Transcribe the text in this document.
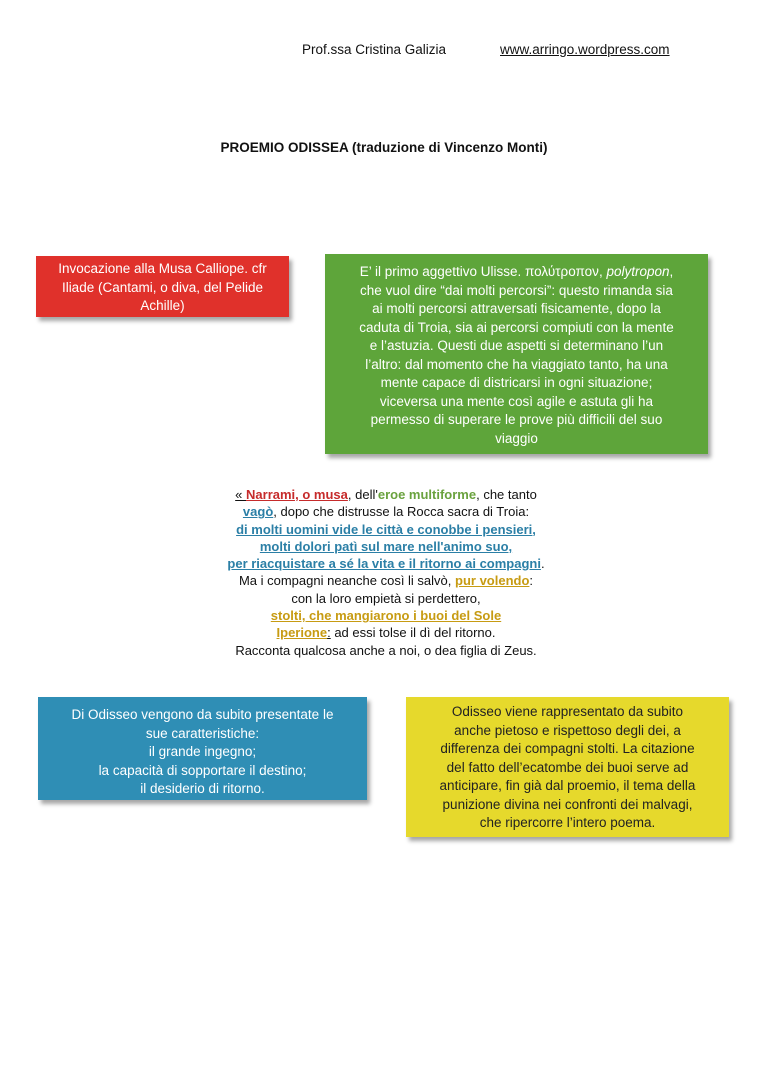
Prof.ssa Cristina Galizia	www.arringo.wordpress.com
PROEMIO ODISSEA (traduzione di Vincenzo Monti)
Invocazione alla Musa Calliope. cfr
Iliade (Cantami, o diva, del Pelide
Achille)
E’ il primo aggettivo Ulisse. πολύτροπον, polytropon,
che vuol dire “dai molti percorsi”: questo rimanda sia
ai molti percorsi attraversati fisicamente, dopo la
caduta di Troia, sia ai percorsi compiuti con la mente
e l’astuzia. Questi due aspetti si determinano l’un
l’altro: dal momento che ha viaggiato tanto, ha una
mente capace di districarsi in ogni situazione;
viceversa una mente così agile e astuta gli ha
permesso di superare le prove più difficili del suo
viaggio
« Narrami, o musa, dell'eroe multiforme, che tanto
vagò, dopo che distrusse la Rocca sacra di Troia:
di molti uomini vide le città e conobbe i pensieri,
molti dolori patì sul mare nell'animo suo,
per riacquistare a sé la vita e il ritorno ai compagni.
Ma i compagni neanche così li salvò, pur volendo:
con la loro empietà si perdettero,
stolti, che mangiarono i buoi del Sole
Iperione: ad essi tolse il dì del ritorno.
Racconta qualcosa anche a noi, o dea figlia di Zeus.
Di Odisseo vengono da subito presentate le
sue caratteristiche:
il grande ingegno;
la capacità di sopportare il destino;
il desiderio di ritorno.
Odisseo viene rappresentato da subito
anche pietoso e rispettoso degli dei, a
differenza dei compagni stolti. La citazione
del fatto dell’ecatombe dei buoi serve ad
anticipare, fin già dal proemio, il tema della
punizione divina nei confronti dei malvagi,
che ripercorre l’intero poema.
